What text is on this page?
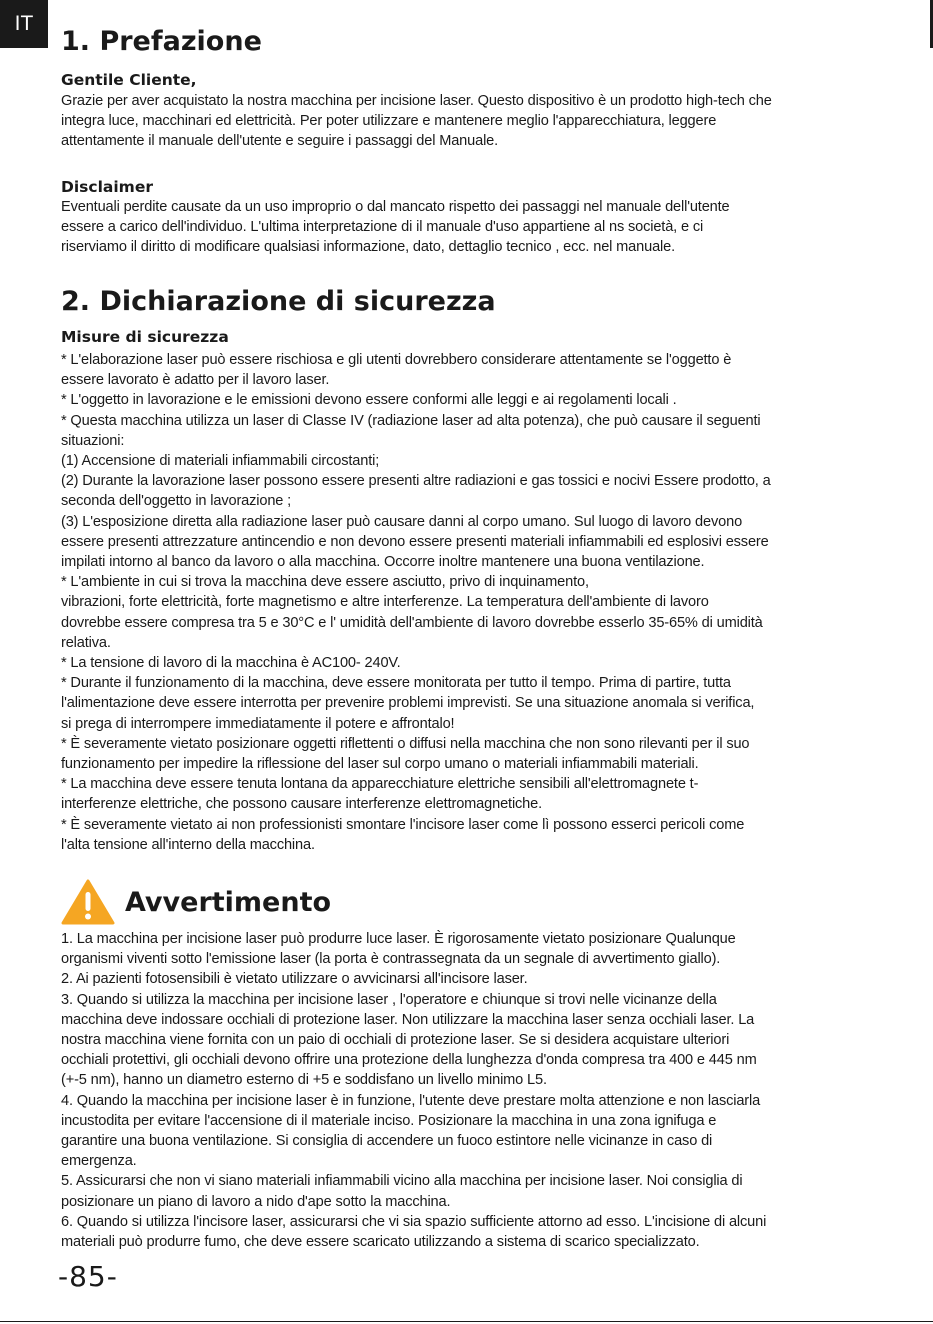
IT
1. Prefazione
Gentile Cliente,

Grazie per aver acquistato la nostra macchina per incisione laser. Questo dispositivo è un prodotto high-tech che
integra luce, macchinari ed elettricità. Per poter utilizzare e mantenere meglio l'apparecchiatura, leggere
attentamente il manuale dell'utente e seguire i passaggi del Manuale.

Disclaimer

Eventuali perdite causate da un uso improprio o dal mancato rispetto dei passaggi nel manuale dell'utente
essere a carico dell'individuo. L'ultima interpretazione di il manuale d'uso appartiene al ns società, e ci
riserviamo il diritto di modificare qualsiasi informazione, dato, dettaglio tecnico , ecc. nel manuale.

2. Dichiarazione di sicurezza
Misure di sicurezza

* L'elaborazione laser può essere rischiosa e gli utenti dovrebbero considerare attentamente se l'oggetto è
essere lavorato è adatto per il lavoro laser.
* L'oggetto in lavorazione e le emissioni devono essere conformi alle leggi e ai regolamenti locali .
* Questa macchina utilizza un laser di Classe IV (radiazione laser ad alta potenza), che può causare il seguenti
situazioni:
(1) Accensione di materiali infiammabili circostanti;
(2) Durante la lavorazione laser possono essere presenti altre radiazioni e gas tossici e nocivi Essere prodotto, a
seconda dell'oggetto in lavorazione ;
(3) L'esposizione diretta alla radiazione laser può causare danni al corpo umano. Sul luogo di lavoro devono
essere presenti attrezzature antincendio e non devono essere presenti materiali infiammabili ed esplosivi essere
impilati intorno al banco da lavoro o alla macchina. Occorre inoltre mantenere una buona ventilazione.
* L'ambiente in cui si trova la macchina deve essere asciutto, privo di inquinamento,
vibrazioni, forte elettricità, forte magnetismo e altre interferenze. La temperatura dell'ambiente di lavoro
dovrebbe essere compresa tra 5 e 30°C e l' umidità dell'ambiente di lavoro dovrebbe esserlo 35-65% di umidità
relativa.
* La tensione di lavoro di la macchina è AC100- 240V.
* Durante il funzionamento di la macchina, deve essere monitorata per tutto il tempo. Prima di partire, tutta
l'alimentazione deve essere interrotta per prevenire problemi imprevisti. Se una situazione anomala si verifica,
si prega di interrompere immediatamente il potere e affrontalo!
* È severamente vietato posizionare oggetti riflettenti o diffusi nella macchina che non sono rilevanti per il suo
funzionamento per impedire la riflessione del laser sul corpo umano o materiali infiammabili materiali.
* La macchina deve essere tenuta lontana da apparecchiature elettriche sensibili all'elettromagnete t-
interferenze elettriche, che possono causare interferenze elettromagnetiche.
* È severamente vietato ai non professionisti smontare l'incisore laser come lì possono esserci pericoli come
l'alta tensione all'interno della macchina.

Avvertimento

1. La macchina per incisione laser può produrre luce laser. È rigorosamente vietato posizionare Qualunque
organismi viventi sotto l'emissione laser (la porta è contrassegnata da un segnale di avvertimento giallo).
2. Ai pazienti fotosensibili è vietato utilizzare o avvicinarsi all'incisore laser.
3. Quando si utilizza la macchina per incisione laser , l'operatore e chiunque si trovi nelle vicinanze della
macchina deve indossare occhiali di protezione laser. Non utilizzare la macchina laser senza occhiali laser. La
nostra macchina viene fornita con un paio di occhiali di protezione laser. Se si desidera acquistare ulteriori
occhiali protettivi, gli occhiali devono offrire una protezione della lunghezza d'onda compresa tra 400 e 445 nm
(+-5 nm), hanno un diametro esterno di +5 e soddisfano un livello minimo L5.
4. Quando la macchina per incisione laser è in funzione, l'utente deve prestare molta attenzione e non lasciarla
incustodita per evitare l'accensione di il materiale inciso. Posizionare la macchina in una zona ignifuga e
garantire una buona ventilazione. Si consiglia di accendere un fuoco estintore nelle vicinanze in caso di
emergenza.
5. Assicurarsi che non vi siano materiali infiammabili vicino alla macchina per incisione laser. Noi consiglia di
posizionare un piano di lavoro a nido d'ape sotto la macchina.
6. Quando si utilizza l'incisore laser, assicurarsi che vi sia spazio sufficiente attorno ad esso. L'incisione di alcuni
materiali può produrre fumo, che deve essere scaricato utilizzando a sistema di scarico specializzato.

-85-
